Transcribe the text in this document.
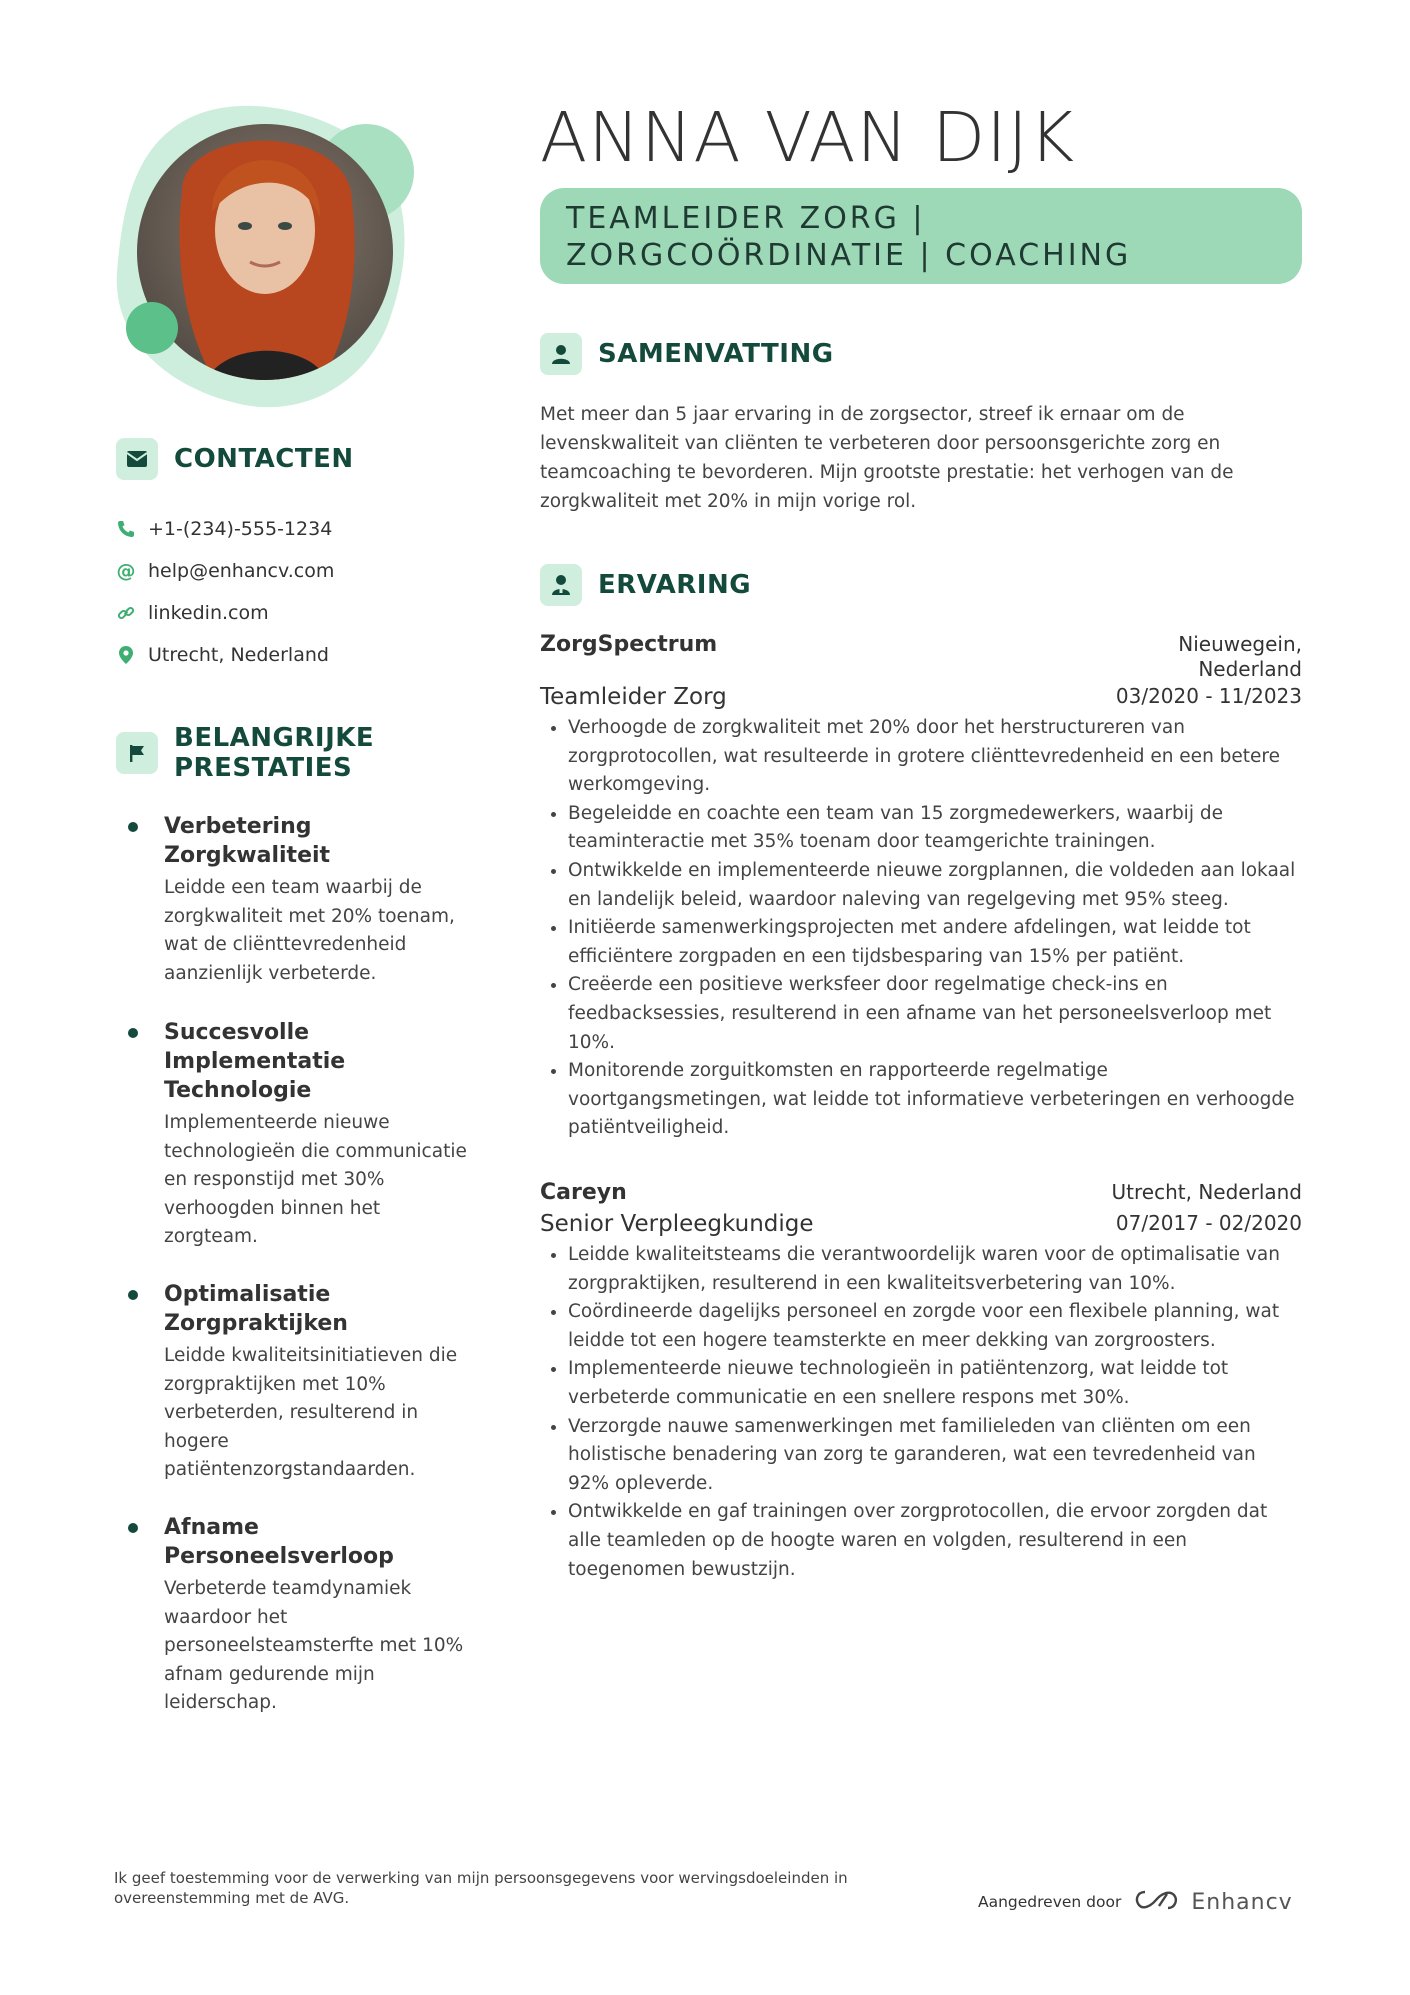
ANNA VAN DIJK
TEAMLEIDER ZORG | ZORGCOÖRDINATIE | COACHING
SAMENVATTING
Met meer dan 5 jaar ervaring in de zorgsector, streef ik ernaar om de levenskwaliteit van cliënten te verbeteren door persoonsgerichte zorg en teamcoaching te bevorderen. Mijn grootste prestatie: het verhogen van de zorgkwaliteit met 20% in mijn vorige rol.
ERVARING
ZorgSpectrum	Nieuwegein, Nederland
Teamleider Zorg	03/2020 - 11/2023
• Verhoogde de zorgkwaliteit met 20% door het herstructureren van zorgprotocollen, wat resulteerde in grotere cliënttevredenheid en een betere werkomgeving.
• Begeleidde en coachte een team van 15 zorgmedewerkers, waarbij de teaminteractie met 35% toenam door teamgerichte trainingen.
• Ontwikkelde en implementeerde nieuwe zorgplannen, die voldeden aan lokaal en landelijk beleid, waardoor naleving van regelgeving met 95% steeg.
• Initiëerde samenwerkingsprojecten met andere afdelingen, wat leidde tot efficiëntere zorgpaden en een tijdsbesparing van 15% per patiënt.
• Creëerde een positieve werksfeer door regelmatige check-ins en feedbacksessies, resulterend in een afname van het personeelsverloop met 10%.
• Monitorende zorguitkomsten en rapporteerde regelmatige voortgangsmetingen, wat leidde tot informatieve verbeteringen en verhoogde patiëntveiligheid.
Careyn	Utrecht, Nederland
Senior Verpleegkundige	07/2017 - 02/2020
• Leidde kwaliteitsteams die verantwoordelijk waren voor de optimalisatie van zorgpraktijken, resulterend in een kwaliteitsverbetering van 10%.
• Coördineerde dagelijks personeel en zorgde voor een flexibele planning, wat leidde tot een hogere teamsterkte en meer dekking van zorgroosters.
• Implementeerde nieuwe technologieën in patiëntenzorg, wat leidde tot verbeterde communicatie en een snellere respons met 30%.
• Verzorgde nauwe samenwerkingen met familieleden van cliënten om een holistische benadering van zorg te garanderen, wat een tevredenheid van 92% opleverde.
• Ontwikkelde en gaf trainingen over zorgprotocollen, die ervoor zorgden dat alle teamleden op de hoogte waren en volgden, resulterend in een toegenomen bewustzijn.
CONTACTEN
+1-(234)-555-1234
@ help@enhancv.com
linkedin.com
Utrecht, Nederland
BELANGRIJKE PRESTATIES
Verbetering Zorgkwaliteit
Leidde een team waarbij de zorgkwaliteit met 20% toenam, wat de cliënttevredenheid aanzienlijk verbeterde.
Succesvolle Implementatie Technologie
Implementeerde nieuwe technologieën die communicatie en responstijd met 30% verhoogden binnen het zorgteam.
Optimalisatie Zorgpraktijken
Leidde kwaliteitsinitiatieven die zorgpraktijken met 10% verbeterden, resulterend in hogere patiëntenzorgstandaarden.
Afname Personeelsverloop
Verbeterde teamdynamiek waardoor het personeelsteamsterfte met 10% afnam gedurende mijn leiderschap.
Ik geef toestemming voor de verwerking van mijn persoonsgegevens voor wervingsdoeleinden in overeenstemming met de AVG.	Aangedreven door	Enhancv
